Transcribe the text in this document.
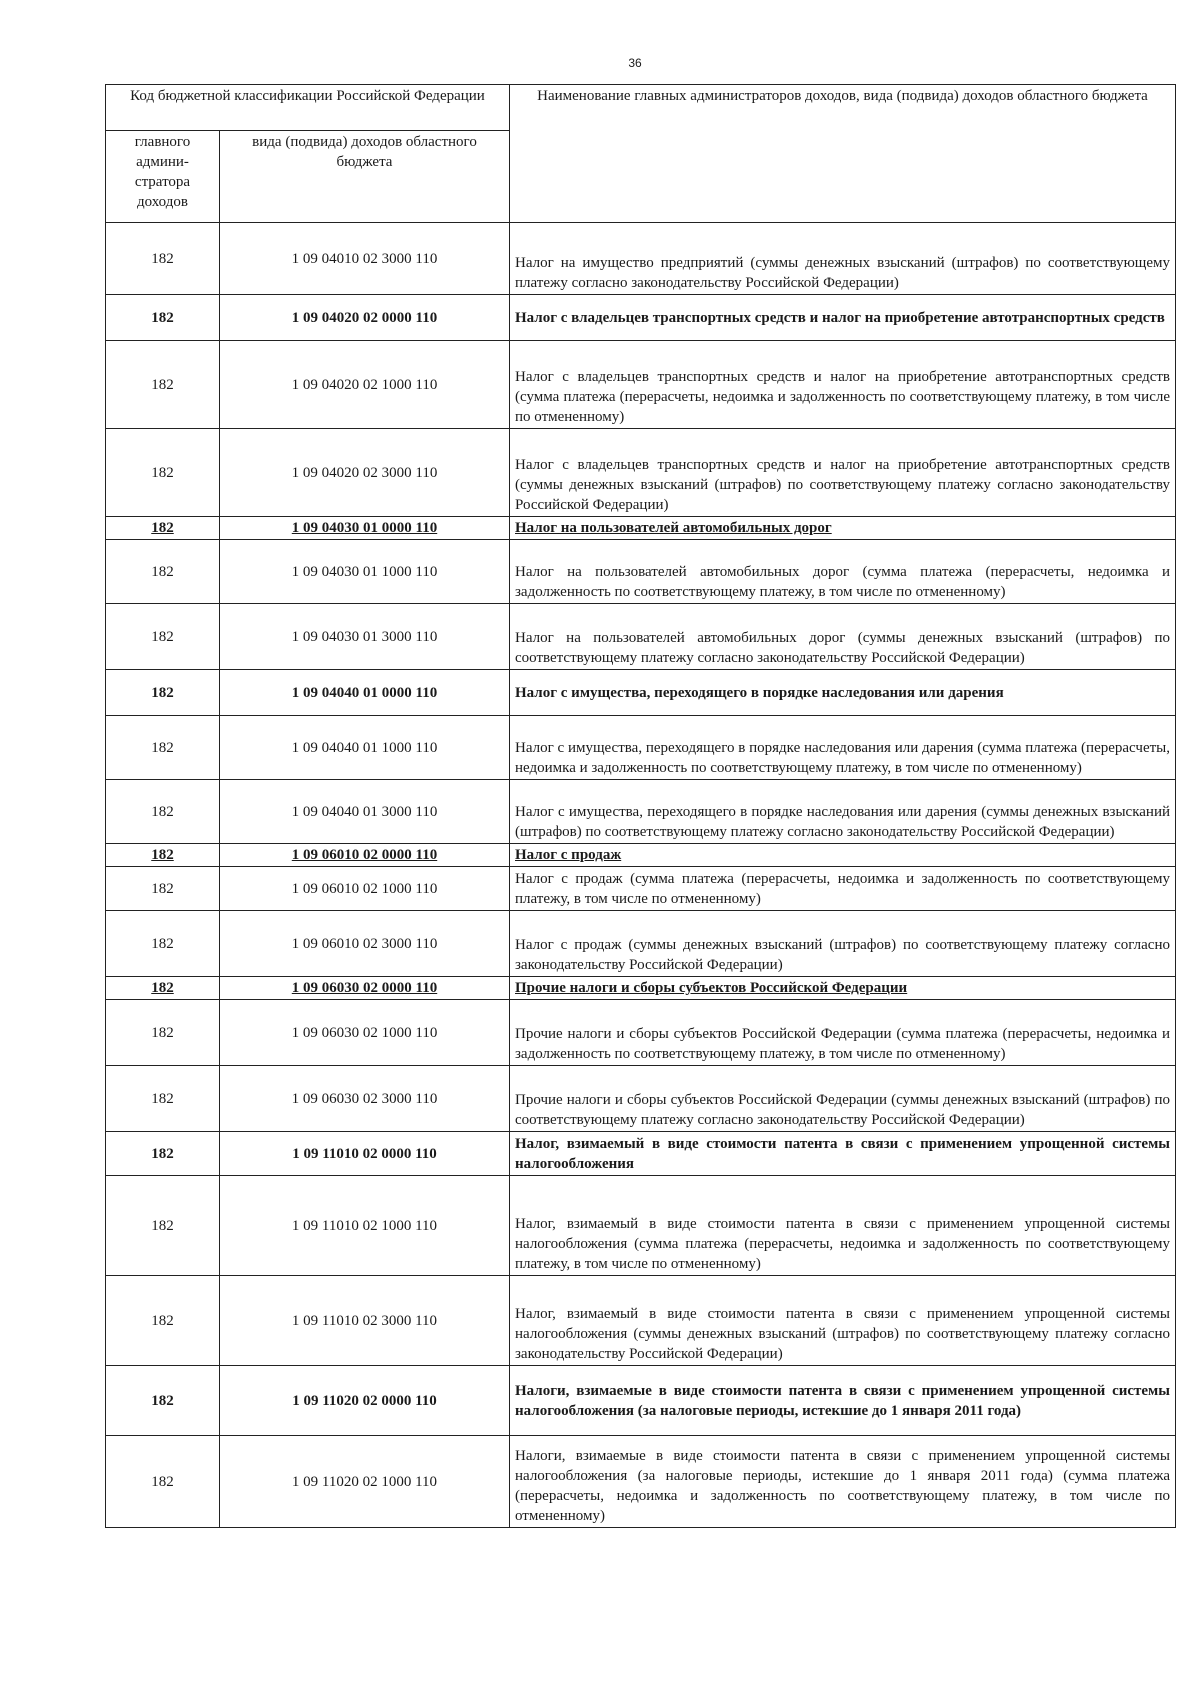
36
Код бюджетной классификации Российской Федерации		Наименование главных администраторов доходов, вида (подвида) доходов областного бюджета
главного админи-стратора доходов	вида (подвида) доходов областного бюджета	
182	1 09 04010 02 3000 110	Налог на имущество предприятий (суммы денежных взысканий (штрафов) по соответствующему платежу согласно законодательству Российской Федерации)
182	1 09 04020 02 0000 110	Налог с владельцев транспортных средств и налог на приобретение автотранспортных средств
182	1 09 04020 02 1000 110	Налог с владельцев транспортных средств и налог на приобретение автотранспортных средств (сумма платежа (перерасчеты, недоимка и задолженность по соответствующему платежу, в том числе по отмененному)
182	1 09 04020 02 3000 110	Налог с владельцев транспортных средств и налог на приобретение автотранспортных средств (суммы денежных взысканий (штрафов) по соответствующему платежу согласно законодательству Российской Федерации)
182	1 09 04030 01 0000 110	Налог на пользователей автомобильных дорог
182	1 09 04030 01 1000 110	Налог на пользователей автомобильных дорог (сумма платежа (перерасчеты, недоимка и задолженность по соответствующему платежу, в том числе по отмененному)
182	1 09 04030 01 3000 110	Налог на пользователей автомобильных дорог (суммы денежных взысканий (штрафов) по соответствующему платежу согласно законодательству Российской Федерации)
182	1 09 04040 01 0000 110	Налог с имущества, переходящего в порядке наследования или дарения
182	1 09 04040 01 1000 110	Налог с имущества, переходящего в порядке наследования или дарения (сумма платежа (перерасчеты, недоимка и задолженность по соответствующему платежу, в том числе по отмененному)
182	1 09 04040 01 3000 110	Налог с имущества, переходящего в порядке наследования или дарения (суммы денежных взысканий (штрафов) по соответствующему платежу согласно законодательству Российской Федерации)
182	1 09 06010 02 0000 110	Налог с продаж
182	1 09 06010 02 1000 110	Налог с продаж (сумма платежа (перерасчеты, недоимка и задолженность по соответствующему платежу, в том числе по отмененному)
182	1 09 06010 02 3000 110	Налог с продаж (суммы денежных взысканий (штрафов) по соответствующему платежу согласно законодательству Российской Федерации)
182	1 09 06030 02 0000 110	Прочие налоги и сборы субъектов Российской Федерации
182	1 09 06030 02 1000 110	Прочие налоги и сборы субъектов Российской Федерации (сумма платежа (перерасчеты, недоимка и задолженность по соответствующему платежу, в том числе по отмененному)
182	1 09 06030 02 3000 110	Прочие налоги и сборы субъектов Российской Федерации (суммы денежных взысканий (штрафов) по соответствующему платежу согласно законодательству Российской Федерации)
182	1 09 11010 02 0000 110	Налог, взимаемый в виде стоимости патента в связи с применением упрощенной системы налогообложения
182	1 09 11010 02 1000 110	Налог, взимаемый в виде стоимости патента в связи с применением упрощенной системы налогообложения (сумма платежа (перерасчеты, недоимка и задолженность по соответствующему платежу, в том числе по отмененному)
182	1 09 11010 02 3000 110	Налог, взимаемый в виде стоимости патента в связи с применением упрощенной системы налогообложения (суммы денежных взысканий (штрафов) по соответствующему платежу согласно законодательству Российской Федерации)
182	1 09 11020 02 0000 110	Налоги, взимаемые в виде стоимости патента в связи с применением упрощенной системы налогообложения (за налоговые периоды, истекшие до 1 января 2011 года)
182	1 09 11020 02 1000 110	Налоги, взимаемые в виде стоимости патента в связи с применением упрощенной системы налогообложения (за налоговые периоды, истекшие до 1 января 2011 года) (сумма платежа (перерасчеты, недоимка и задолженность по соответствующему платежу, в том числе по отмененному)
